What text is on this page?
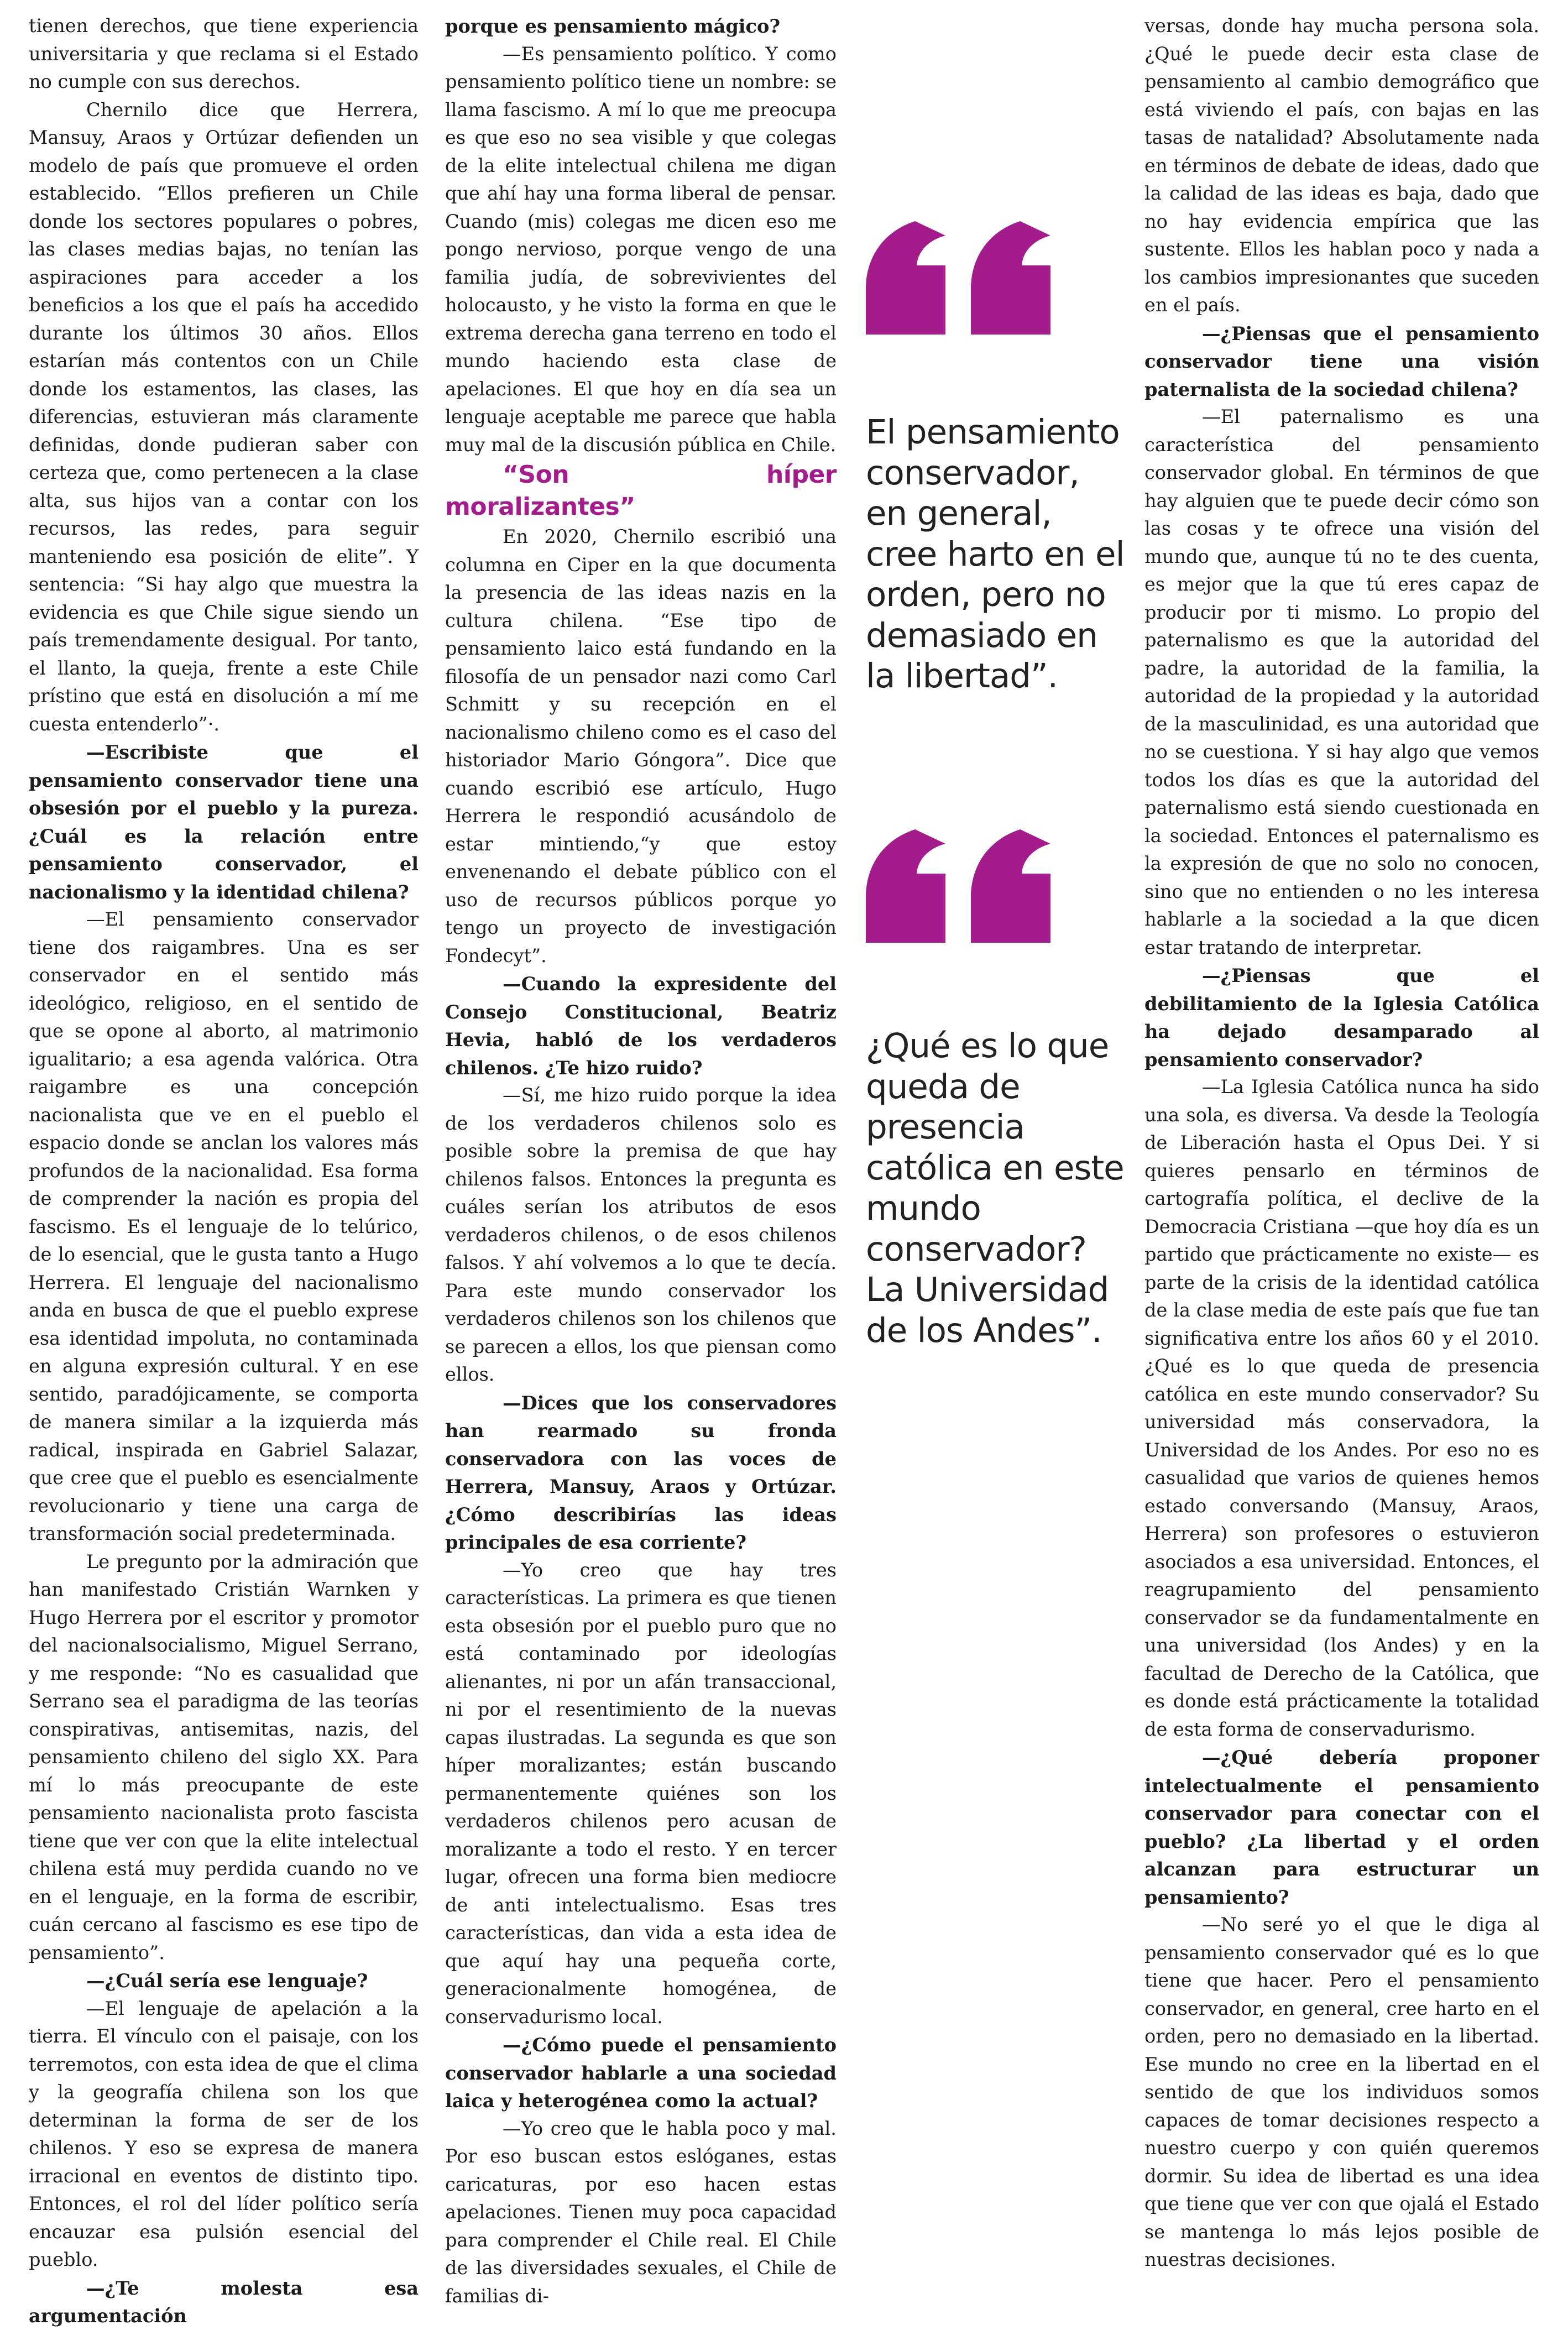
tienen derechos, que tiene experiencia universitaria y que reclama si el Estado no cumple con sus derechos.

Chernilo dice que Herrera, Mansuy, Araos y Ortúzar defienden un modelo de país que promueve el orden establecido. “Ellos prefieren un Chile donde los sectores populares o pobres, las clases medias bajas, no tenían las aspiraciones para acceder a los beneficios a los que el país ha accedido durante los últimos 30 años. Ellos estarían más contentos con un Chile donde los estamentos, las clases, las diferencias, estuvieran más claramente definidas, donde pudieran saber con certeza que, como pertenecen a la clase alta, sus hijos van a contar con los recursos, las redes, para seguir manteniendo esa posición de elite”. Y sentencia: “Si hay algo que muestra la evidencia es que Chile sigue siendo un país tremendamente desigual. Por tanto, el llanto, la queja, frente a este Chile prístino que está en disolución a mí me cuesta entenderlo”·.

—Escribiste que el pensamiento conservador tiene una obsesión por el pueblo y la pureza. ¿Cuál es la relación entre pensamiento conservador, el nacionalismo y la identidad chilena?

—El pensamiento conservador tiene dos raigambres. Una es ser conservador en el sentido más ideológico, religioso, en el sentido de que se opone al aborto, al matrimonio igualitario; a esa agenda valórica. Otra raigambre es una concepción nacionalista que ve en el pueblo el espacio donde se anclan los valores más profundos de la nacionalidad. Esa forma de comprender la nación es propia del fascismo. Es el lenguaje de lo telúrico, de lo esencial, que le gusta tanto a Hugo Herrera. El lenguaje del nacionalismo anda en busca de que el pueblo exprese esa identidad impoluta, no contaminada en alguna expresión cultural. Y en ese sentido, paradójicamente, se comporta de manera similar a la izquierda más radical, inspirada en Gabriel Salazar, que cree que el pueblo es esencialmente revolucionario y tiene una carga de transformación social predeterminada.

Le pregunto por la admiración que han manifestado Cristián Warnken y Hugo Herrera por el escritor y promotor del nacionalsocialismo, Miguel Serrano, y me responde: “No es casualidad que Serrano sea el paradigma de las teorías conspirativas, antisemitas, nazis, del pensamiento chileno del siglo XX. Para mí lo más preocupante de este pensamiento nacionalista proto fascista tiene que ver con que la elite intelectual chilena está muy perdida cuando no ve en el lenguaje, en la forma de escribir, cuán cercano al fascismo es ese tipo de pensamiento”.

—¿Cuál sería ese lenguaje?

—El lenguaje de apelación a la tierra. El vínculo con el paisaje, con los terremotos, con esta idea de que el clima y la geografía chilena son los que determinan la forma de ser de los chilenos. Y eso se expresa de manera irracional en eventos de distinto tipo. Entonces, el rol del líder político sería encauzar esa pulsión esencial del pueblo.

—¿Te molesta esa argumentación

porque es pensamiento mágico?

—Es pensamiento político. Y como pensamiento político tiene un nombre: se llama fascismo. A mí lo que me preocupa es que eso no sea visible y que colegas de la elite intelectual chilena me digan que ahí hay una forma liberal de pensar. Cuando (mis) colegas me dicen eso me pongo nervioso, porque vengo de una familia judía, de sobrevivientes del holocausto, y he visto la forma en que le extrema derecha gana terreno en todo el mundo haciendo esta clase de apelaciones. El que hoy en día sea un lenguaje aceptable me parece que habla muy mal de la discusión pública en Chile.

“Son híper moralizantes”

En 2020, Chernilo escribió una columna en Ciper en la que documenta la presencia de las ideas nazis en la cultura chilena. “Ese tipo de pensamiento laico está fundando en la filosofía de un pensador nazi como Carl Schmitt y su recepción en el nacionalismo chileno como es el caso del historiador Mario Góngora”. Dice que cuando escribió ese artículo, Hugo Herrera le respondió acusándolo de estar mintiendo,“y que estoy envenenando el debate público con el uso de recursos públicos porque yo tengo un proyecto de investigación Fondecyt”.

—Cuando la expresidente del Consejo Constitucional, Beatriz Hevia, habló de los verdaderos chilenos. ¿Te hizo ruido?

—Sí, me hizo ruido porque la idea de los verdaderos chilenos solo es posible sobre la premisa de que hay chilenos falsos. Entonces la pregunta es cuáles serían los atributos de esos verdaderos chilenos, o de esos chilenos falsos. Y ahí volvemos a lo que te decía. Para este mundo conservador los verdaderos chilenos son los chilenos que se parecen a ellos, los que piensan como ellos.

—Dices que los conservadores han rearmado su fronda conservadora con las voces de Herrera, Mansuy, Araos y Ortúzar. ¿Cómo describirías las ideas principales de esa corriente?

—Yo creo que hay tres características. La primera es que tienen esta obsesión por el pueblo puro que no está contaminado por ideologías alienantes, ni por un afán transaccional, ni por el resentimiento de la nuevas capas ilustradas. La segunda es que son híper moralizantes; están buscando permanentemente quiénes son los verdaderos chilenos pero acusan de moralizante a todo el resto. Y en tercer lugar, ofrecen una forma bien mediocre de anti intelectualismo. Esas tres características, dan vida a esta idea de que aquí hay una pequeña corte, generacionalmente homogénea, de conservadurismo local.

—¿Cómo puede el pensamiento conservador hablarle a una sociedad laica y heterogénea como la actual?

—Yo creo que le habla poco y mal. Por eso buscan estos eslóganes, estas caricaturas, por eso hacen estas apelaciones. Tienen muy poca capacidad para comprender el Chile real. El Chile de las diversidades sexuales, el Chile de familias di-

El pensamiento conservador, en general, cree harto en el orden, pero no demasiado en la libertad”.
¿Qué es lo que queda de presencia católica en este mundo conservador? La Universidad de los Andes”.

versas, donde hay mucha persona sola. ¿Qué le puede decir esta clase de pensamiento al cambio demográfico que está viviendo el país, con bajas en las tasas de natalidad? Absolutamente nada en términos de debate de ideas, dado que la calidad de las ideas es baja, dado que no hay evidencia empírica que las sustente. Ellos les hablan poco y nada a los cambios impresionantes que suceden en el país.

—¿Piensas que el pensamiento conservador tiene una visión paternalista de la sociedad chilena?

—El paternalismo es una característica del pensamiento conservador global. En términos de que hay alguien que te puede decir cómo son las cosas y te ofrece una visión del mundo que, aunque tú no te des cuenta, es mejor que la que tú eres capaz de producir por ti mismo. Lo propio del paternalismo es que la autoridad del padre, la autoridad de la familia, la autoridad de la propiedad y la autoridad de la masculinidad, es una autoridad que no se cuestiona. Y si hay algo que vemos todos los días es que la autoridad del paternalismo está siendo cuestionada en la sociedad. Entonces el paternalismo es la expresión de que no solo no conocen, sino que no entienden o no les interesa hablarle a la sociedad a la que dicen estar tratando de interpretar.

—¿Piensas que el debilitamiento de la Iglesia Católica ha dejado desamparado al pensamiento conservador?

—La Iglesia Católica nunca ha sido una sola, es diversa. Va desde la Teología de Liberación hasta el Opus Dei. Y si quieres pensarlo en términos de cartografía política, el declive de la Democracia Cristiana —que hoy día es un partido que prácticamente no existe— es parte de la crisis de la identidad católica de la clase media de este país que fue tan significativa entre los años 60 y el 2010. ¿Qué es lo que queda de presencia católica en este mundo conservador? Su universidad más conservadora, la Universidad de los Andes. Por eso no es casualidad que varios de quienes hemos estado conversando (Mansuy, Araos, Herrera) son profesores o estuvieron asociados a esa universidad. Entonces, el reagrupamiento del pensamiento conservador se da fundamentalmente en una universidad (los Andes) y en la facultad de Derecho de la Católica, que es donde está prácticamente la totalidad de esta forma de conservadurismo.

—¿Qué debería proponer intelectualmente el pensamiento conservador para conectar con el pueblo? ¿La libertad y el orden alcanzan para estructurar un pensamiento?

—No seré yo el que le diga al pensamiento conservador qué es lo que tiene que hacer. Pero el pensamiento conservador, en general, cree harto en el orden, pero no demasiado en la libertad. Ese mundo no cree en la libertad en el sentido de que los individuos somos capaces de tomar decisiones respecto a nuestro cuerpo y con quién queremos dormir. Su idea de libertad es una idea que tiene que ver con que ojalá el Estado se mantenga lo más lejos posible de nuestras decisiones.
